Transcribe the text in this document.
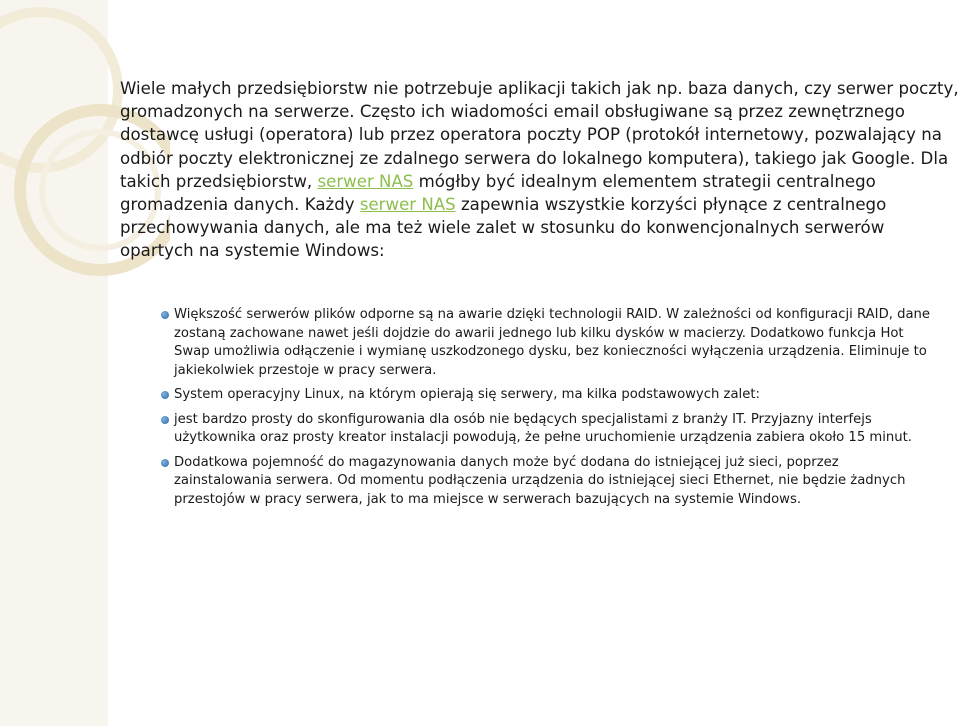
Wiele małych przedsiębiorstw nie potrzebuje aplikacji takich jak np. baza danych, czy serwer poczty, gromadzonych na serwerze. Często ich wiadomości email obsługiwane są przez zewnętrznego dostawcę usługi (operatora) lub przez operatora poczty POP (protokół internetowy, pozwalający na odbiór poczty elektronicznej ze zdalnego serwera do lokalnego komputera), takiego jak Google. Dla takich przedsiębiorstw, serwer NAS mógłby być idealnym elementem strategii centralnego gromadzenia danych. Każdy serwer NAS zapewnia wszystkie korzyści płynące z centralnego przechowywania danych, ale ma też wiele zalet w stosunku do konwencjonalnych serwerów opartych na systemie Windows:
Większość serwerów plików odporne są na awarie dzięki technologii RAID. W zależności od konfiguracji RAID, dane zostaną zachowane nawet jeśli dojdzie do awarii jednego lub kilku dysków w macierzy. Dodatkowo funkcja Hot Swap umożliwia odłączenie i wymianę uszkodzonego dysku, bez konieczności wyłączenia urządzenia. Eliminuje to jakiekolwiek przestoje w pracy serwera.
System operacyjny Linux, na którym opierają się serwery, ma kilka podstawowych zalet:
jest bardzo prosty do skonfigurowania dla osób nie będących specjalistami z branży IT. Przyjazny interfejs użytkownika oraz prosty kreator instalacji powodują, że pełne uruchomienie urządzenia zabiera około 15 minut.
Dodatkowa pojemność do magazynowania danych może być dodana do istniejącej już sieci, poprzez zainstalowania serwera. Od momentu podłączenia urządzenia do istniejącej sieci Ethernet, nie będzie żadnych przestojów w pracy serwera, jak to ma miejsce w serwerach bazujących na systemie Windows.
